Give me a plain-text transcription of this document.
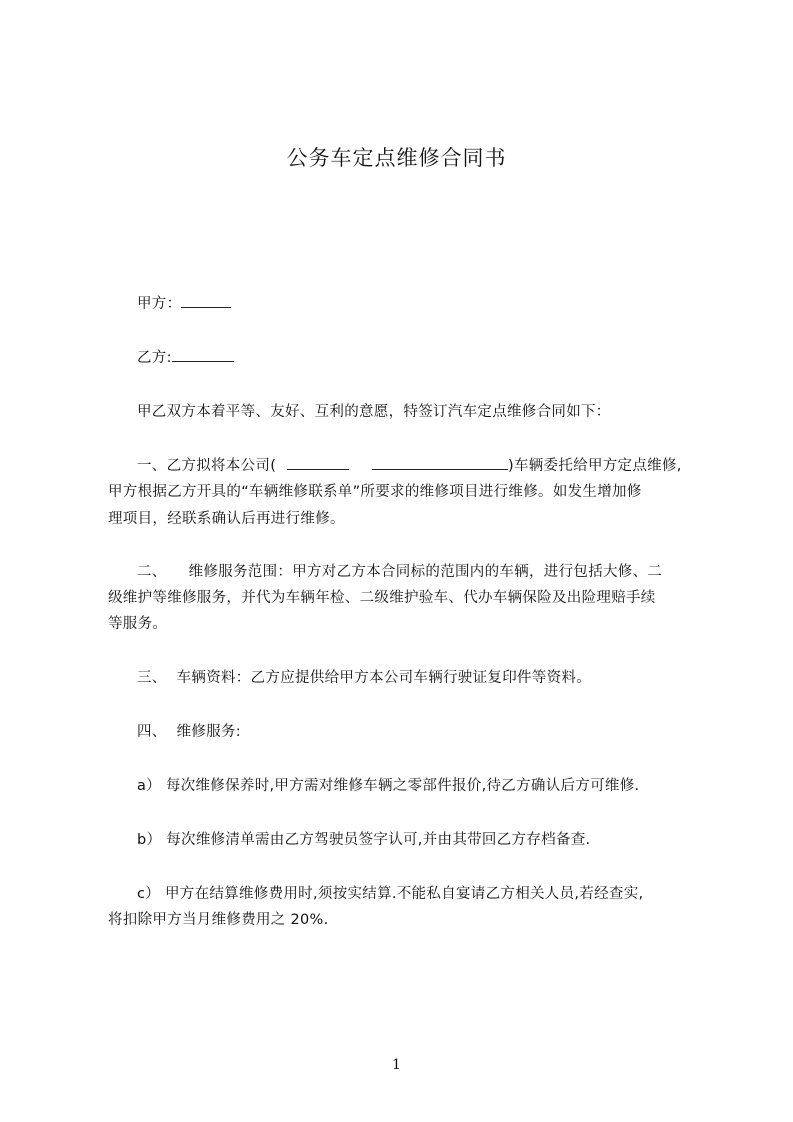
公务车定点维修合同书
甲方：
乙方:
甲乙双方本着平等、友好、互利的意愿，特签订汽车定点维修合同如下：
一、乙方拟将本公司(	)车辆委托给甲方定点维修,
甲方根据乙方开具的“车辆维修联系单”所要求的维修项目进行维修。如发生增加修
理项目，经联系确认后再进行维修。
二、 维修服务范围：甲方对乙方本合同标的范围内的车辆，进行包括大修、二
级维护等维修服务，并代为车辆年检、二级维护验车、代办车辆保险及出险理赔手续
等服务。
三、 车辆资料：乙方应提供给甲方本公司车辆行驶证复印件等资料。
四、 维修服务:
a） 每次维修保养时,甲方需对维修车辆之零部件报价,待乙方确认后方可维修.
b） 每次维修清单需由乙方驾驶员签字认可,并由其带回乙方存档备查.
c） 甲方在结算维修费用时,须按实结算.不能私自宴请乙方相关人员,若经查实,
将扣除甲方当月维修费用之 20%.
1
